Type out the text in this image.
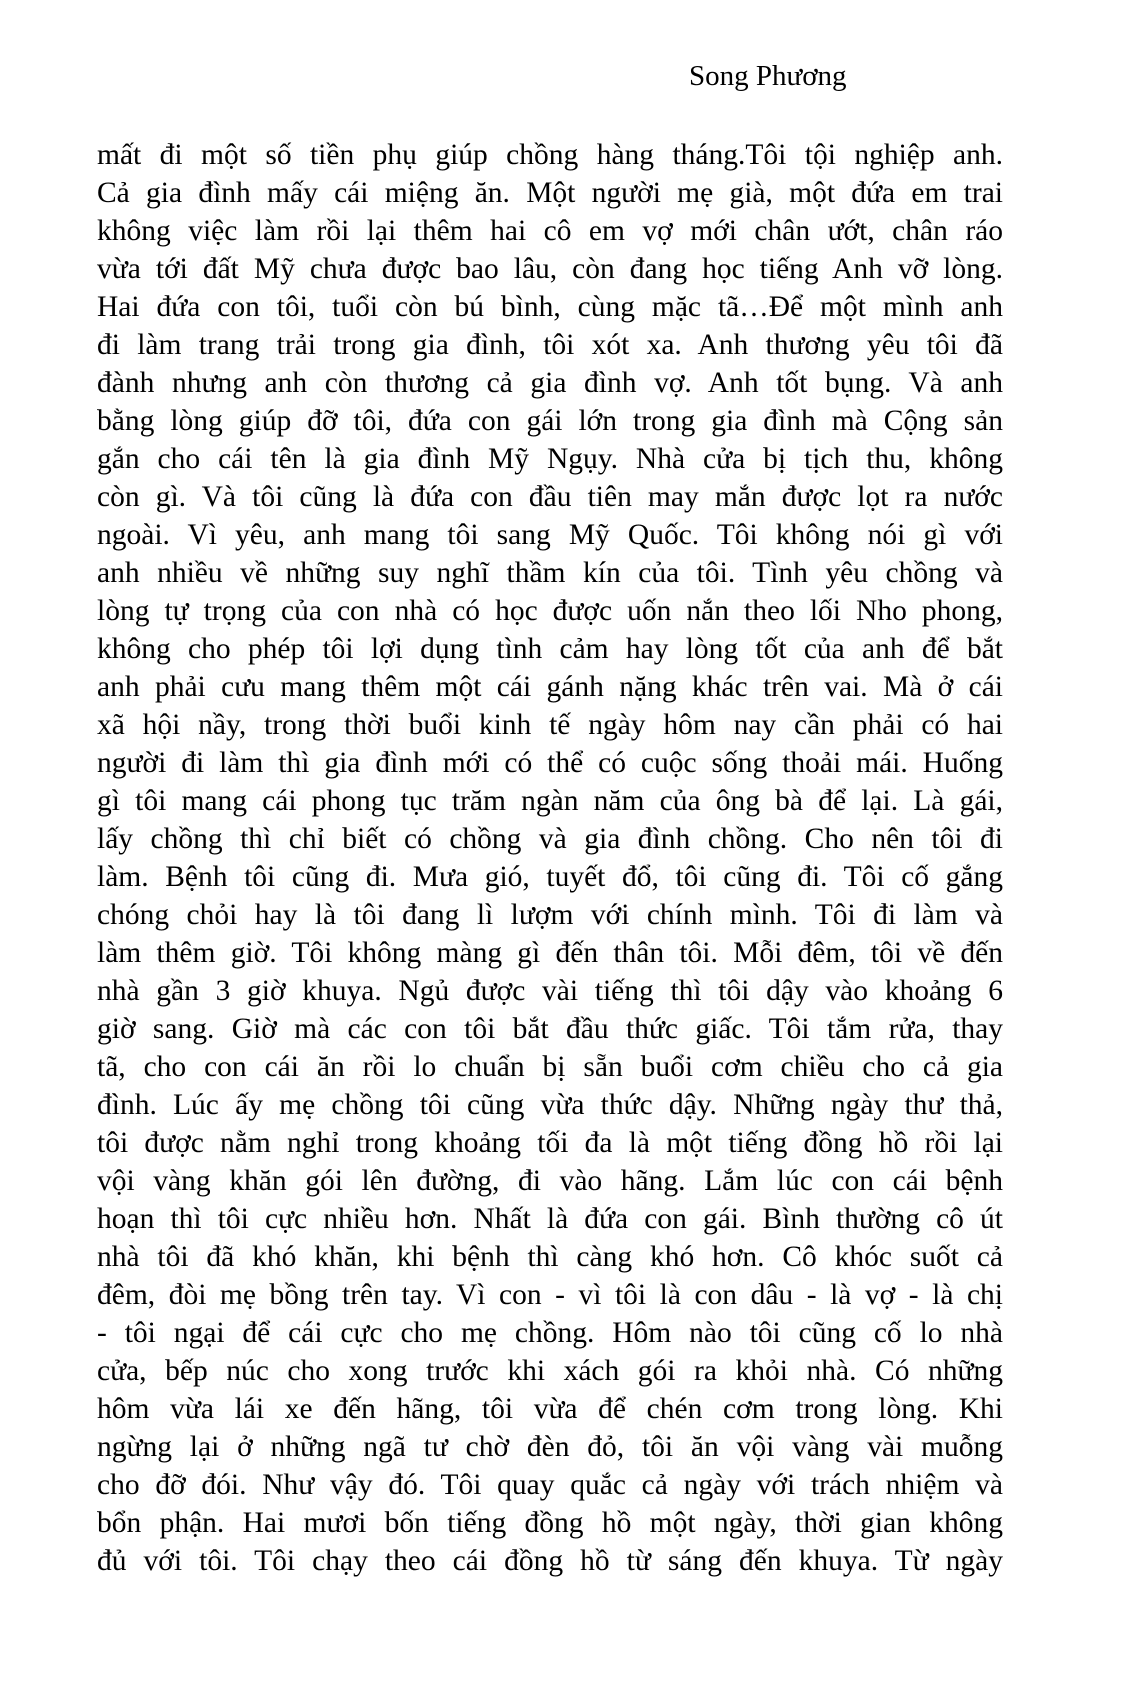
Song Phương
mất đi một số tiền phụ giúp chồng hàng tháng.Tôi tội nghiệp anh.
Cả gia đình mấy cái miệng ăn. Một người mẹ già, một đứa em trai
không việc làm rồi lại thêm hai cô em vợ mới chân ướt, chân ráo
vừa tới đất Mỹ chưa được bao lâu, còn đang học tiếng Anh vỡ lòng.
Hai đứa con tôi, tuổi còn bú bình, cùng mặc tã…Để một mình anh
đi làm trang trải trong gia đình, tôi xót xa. Anh thương yêu tôi đã
đành nhưng anh còn thương cả gia đình vợ. Anh tốt bụng. Và anh
bằng lòng giúp đỡ tôi, đứa con gái lớn trong gia đình mà Cộng sản
gắn cho cái tên là gia đình Mỹ Ngụy. Nhà cửa bị tịch thu, không
còn gì. Và tôi cũng là đứa con đầu tiên may mắn được lọt ra nước
ngoài. Vì yêu, anh mang tôi sang Mỹ Quốc. Tôi không nói gì với
anh nhiều về những suy nghĩ thầm kín của tôi. Tình yêu chồng và
lòng tự trọng của con nhà có học được uốn nắn theo lối Nho phong,
không cho phép tôi lợi dụng tình cảm hay lòng tốt của anh để bắt
anh phải cưu mang thêm một cái gánh nặng khác trên vai. Mà ở cái
xã hội nầy, trong thời buổi kinh tế ngày hôm nay cần phải có hai
người đi làm thì gia đình mới có thể có cuộc sống thoải mái. Huống
gì tôi mang cái phong tục trăm ngàn năm của ông bà để lại. Là gái,
lấy chồng thì chỉ biết có chồng và gia đình chồng. Cho nên tôi đi
làm. Bệnh tôi cũng đi. Mưa gió, tuyết đổ, tôi cũng đi. Tôi cố gắng
chóng chỏi hay là tôi đang lì lượm với chính mình. Tôi đi làm và
làm thêm giờ. Tôi không màng gì đến thân tôi. Mỗi đêm, tôi về đến
nhà gần 3 giờ khuya. Ngủ được vài tiếng thì tôi dậy vào khoảng 6
giờ sang. Giờ mà các con tôi bắt đầu thức giấc. Tôi tắm rửa, thay
tã, cho con cái ăn rồi lo chuẩn bị sẵn buổi cơm chiều cho cả gia
đình. Lúc ấy mẹ chồng tôi cũng vừa thức dậy. Những ngày thư thả,
tôi được nằm nghỉ trong khoảng tối đa là một tiếng đồng hồ rồi lại
vội vàng khăn gói lên đường, đi vào hãng. Lắm lúc con cái bệnh
hoạn thì tôi cực nhiều hơn. Nhất là đứa con gái. Bình thường cô út
nhà tôi đã khó khăn, khi bệnh thì càng khó hơn. Cô khóc suốt cả
đêm, đòi mẹ bồng trên tay. Vì con - vì tôi là con dâu - là vợ - là chị
- tôi ngại để cái cực cho mẹ chồng. Hôm nào tôi cũng cố lo nhà
cửa, bếp núc cho xong trước khi xách gói ra khỏi nhà. Có những
hôm vừa lái xe đến hãng, tôi vừa để chén cơm trong lòng. Khi
ngừng lại ở những ngã tư chờ đèn đỏ, tôi ăn vội vàng vài muỗng
cho đỡ đói. Như vậy đó. Tôi quay quắc cả ngày với trách nhiệm và
bổn phận. Hai mươi bốn tiếng đồng hồ một ngày, thời gian không
đủ với tôi. Tôi chạy theo cái đồng hồ từ sáng đến khuya. Từ ngày
